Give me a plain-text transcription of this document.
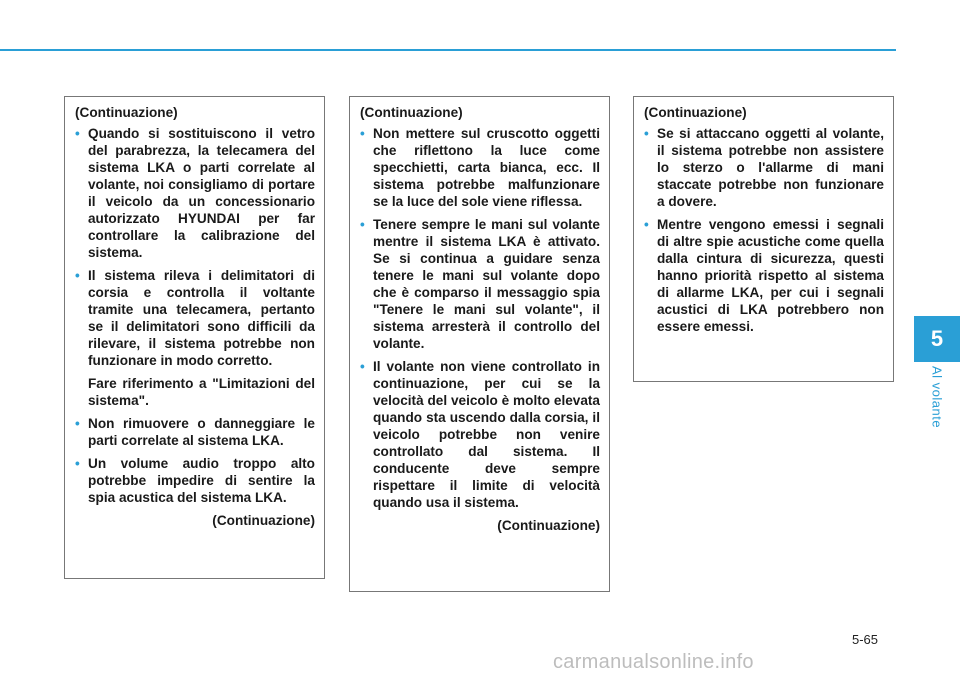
5
Al volante
(Continuazione)
• Quando si sostituiscono il vetro del parabrezza, la telecamera del sistema LKA o parti correlate al volante, noi consigliamo di portare il veicolo da un concessionario autorizzato HYUNDAI per far controllare la calibrazione del sistema.
• Il sistema rileva i delimitatori di corsia e controlla il voltante tramite una telecamera, pertanto se il delimitatori sono difficili da rilevare, il sistema potrebbe non funzionare in modo corretto.
Fare riferimento a "Limitazioni del sistema".
• Non rimuovere o danneggiare le parti correlate al sistema LKA.
• Un volume audio troppo alto potrebbe impedire di sentire la spia acustica del sistema LKA.
(Continuazione)
(Continuazione)
• Non mettere sul cruscotto oggetti che riflettono la luce come specchietti, carta bianca, ecc. Il sistema potrebbe malfunzionare se la luce del sole viene riflessa.
• Tenere sempre le mani sul volante mentre il sistema LKA è attivato. Se si continua a guidare senza tenere le mani sul volante dopo che è comparso il messaggio spia "Tenere le mani sul volante", il sistema arresterà il controllo del volante.
• Il volante non viene controllato in continuazione, per cui se la velocità del veicolo è molto elevata quando sta uscendo dalla corsia, il veicolo potrebbe non venire controllato dal sistema. Il conducente deve sempre rispettare il limite di velocità quando usa il sistema.
(Continuazione)
(Continuazione)
• Se si attaccano oggetti al volante, il sistema potrebbe non assistere lo sterzo o l'allarme di mani staccate potrebbe non funzionare a dovere.
• Mentre vengono emessi i segnali di altre spie acustiche come quella dalla cintura di sicurezza, questi hanno priorità rispetto al sistema di allarme LKA, per cui i segnali acustici di LKA potrebbero non essere emessi.
5-65
carmanualsonline.info
